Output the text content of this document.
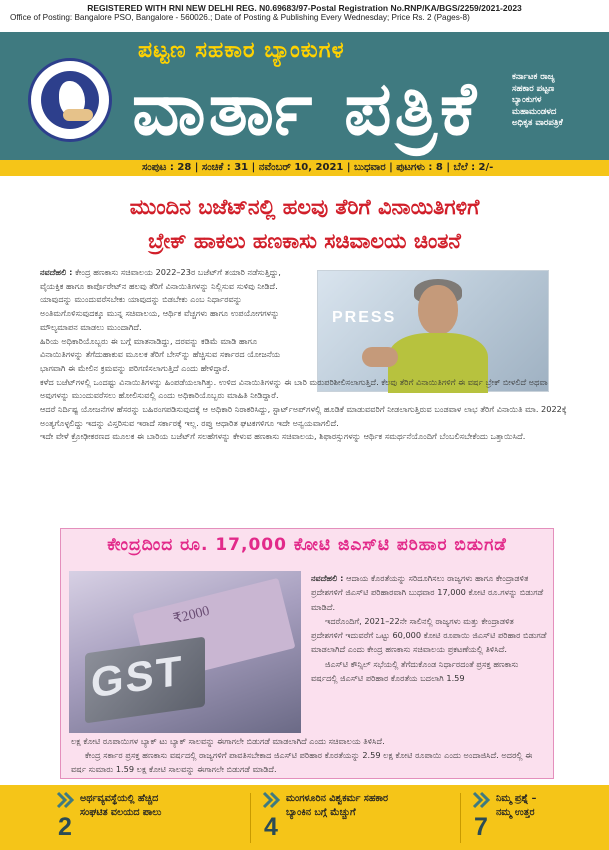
REGISTERED WITH RNI NEW DELHI REG. N0.69683/97-Postal Registration No.RNP/KA/BGS/2259/2021-2023
Office of Posting: Bangalore PSO, Bangalore - 560026.; Date of Posting & Publishing Every Wednesday; Price Rs. 2 (Pages-8)
ಪಟ್ಟಣ ಸಹಕಾರ ಬ್ಯಾಂಕುಗಳ
ವಾರ್ತಾ ಪತ್ರಿಕೆ	ಕರ್ನಾಟಕ ರಾಜ್ಯ
ಸಹಕಾರ ಪಟ್ಟಣ
ಬ್ಯಾಂಕುಗಳ
ಮಹಾಮಂಡಳದ
ಅಧಿಕೃತ ವಾರಪತ್ರಿಕೆ
ಸಂಪುಟ : 28 | ಸಂಚಿಕೆ : 31 | ನವೆಂಬರ್ 10, 2021 | ಬುಧವಾರ | ಪುಟಗಳು : 8 | ಬೆಲೆ : 2/-
ಮುಂದಿನ ಬಜೆಟ್‌ನಲ್ಲಿ ಹಲವು ತೆರಿಗೆ ವಿನಾಯಿತಿಗಳಿಗೆ
ಬ್ರೇಕ್ ಹಾಕಲು ಹಣಕಾಸು ಸಚಿವಾಲಯ ಚಿಂತನೆ
PRESS

ನವದೆಹಲಿ : ಕೇಂದ್ರ ಹಣಕಾಸು ಸಚಿವಾಲಯ 2022–23ರ ಬಜೆಟ್‌ಗೆ ತಯಾರಿ ನಡೆಸುತ್ತಿದ್ದು, ವೈಯಕ್ತಿಕ ಹಾಗೂ ಕಾರ್ಪೊರೇಟ್‌ನ ಹಲವು ತೆರಿಗೆ ವಿನಾಯಿತಿಗಳನ್ನು ನಿಲ್ಲಿಸುವ ಸುಳಿವು ನೀಡಿದೆ.

ಯಾವುದನ್ನು ಮುಂದುವರೆಸಬೇಕು ಯಾವುದನ್ನು ಬಿಡಬೇಕು ಎಂಬ ನಿರ್ಧಾರವನ್ನು ಅಂತಿಮಗೊಳಿಸುವುದಕ್ಕೂ ಮುನ್ನ ಸಚಿವಾಲಯ, ಆರ್ಥಿಕ ವೆಚ್ಚಗಳು ಹಾಗೂ ಉಪಯೋಗಗಳನ್ನು ಮೌಲ್ಯಮಾಪನ ಮಾಡಲು ಮುಂದಾಗಿದೆ.

ಹಿರಿಯ ಅಧಿಕಾರಿಯೊಬ್ಬರು ಈ ಬಗ್ಗೆ ಮಾತನಾಡಿದ್ದು, ದರವನ್ನು ಕಡಿಮೆ ಮಾಡಿ ಹಾಗೂ ವಿನಾಯಿತಿಗಳನ್ನು ತೆಗೆದುಹಾಕುವ ಮೂಲಕ ತೆರಿಗೆ ಬೇಸ್‌ನ್ನು ಹೆಚ್ಚಿಸುವ ಸರ್ಕಾರದ ಯೋಜನೆಯ ಭಾಗವಾಗಿ ಈ ಮೇಲಿನ ಕ್ರಮವನ್ನು ಪರಿಗಣಿಸಲಾಗುತ್ತಿದೆ ಎಂದು ಹೇಳಿದ್ದಾರೆ.

ಕಳೆದ ಬಜೆಟ್‌ಗಳಲ್ಲಿ ಒಂದಷ್ಟು ವಿನಾಯಿತಿಗಳನ್ನು ಹಿಂಪಡೆಯಲಾಗಿತ್ತು. ಉಳಿದ ವಿನಾಯಿತಿಗಳನ್ನು ಈ ಬಾರಿ ಮರುಪರಿಶೀಲಿಸಲಾಗುತ್ತಿದೆ. ಕೆಲವು ತೆರಿಗೆ ವಿನಾಯಿತಿಗಳಿಗೆ ಈ ವರ್ಷ ಬ್ರೇಕ್ ಬೀಳಲಿದೆ ಅಥವಾ ಅವುಗಳನ್ನು ಮುಂದುವರೆಸಲು ಹೋಲಿಸುವಲ್ಲಿ ಎಂದು ಅಧಿಕಾರಿಯೊಬ್ಬರು ಮಾಹಿತಿ ನೀಡಿದ್ದಾರೆ.

ಆದರೆ ನಿರ್ದಿಷ್ಟ ಯೋಜನೆಗಳ ಹೆಸರನ್ನು ಬಹಿರಂಗಪಡಿಸುವುದಕ್ಕೆ ಆ ಅಧಿಕಾರಿ ನಿರಾಕರಿಸಿದ್ದು, ಸ್ಟಾರ್ಟ್‌ಅಪ್‌ಗಳಲ್ಲಿ ಹೂಡಿಕೆ ಮಾಡುವವರಿಗೆ ನೀಡಲಾಗುತ್ತಿರುವ ಬಂಡವಾಳ ಲಾಭ ತೆರಿಗೆ ವಿನಾಯಿತಿ ಮಾ. 2022ಕ್ಕೆ ಅಂತ್ಯಗೊಳ್ಳಲಿದ್ದು ಇದನ್ನು ವಿಸ್ತರಿಸುವ ಇರಾದೆ ಸರ್ಕಾರಕ್ಕೆ ಇಲ್ಲ. ರಪ್ತು ಆಧಾರಿತ ಘಟಕಗಳಿಗೂ ಇದೇ ಅನ್ವಯವಾಗಲಿದೆ.

ಇದೇ ವೇಳೆ ಕ್ರೋಢೀಕರಣದ ಮೂಲಕ ಈ ಬಾರಿಯ ಬಜೆಟ್‌ಗೆ ಸಲಹೆಗಳನ್ನು ಕೇಳುವ ಹಣಕಾಸು ಸಚಿವಾಲಯ, ಶಿಫಾರಸ್ಸುಗಳನ್ನು ಆರ್ಥಿಕ ಸಮರ್ಥನೆಯೊಂದಿಗೆ ಬೆಂಬಲಿಸಬೇಕೆಂದು ಒತ್ತಾಯಿಸಿದೆ.

ಕೇಂದ್ರದಿಂದ ರೂ. 17,000 ಕೋಟಿ ಜಿಎಸ್‌ಟಿ ಪರಿಹಾರ ಬಿಡುಗಡೆ
₹2000
GST

ನವದೆಹಲಿ : ಆದಾಯ ಕೊರತೆಯನ್ನು ಸರಿದೂಗಿಸಲು ರಾಜ್ಯಗಳು ಹಾಗೂ ಕೇಂದ್ರಾಡಳಿತ ಪ್ರದೇಶಗಳಿಗೆ ಜಿಎಸ್‌ಟಿ ಪರಿಹಾರವಾಗಿ ಬುಧವಾರ 17,000 ಕೋಟಿ ರೂ.ಗಳನ್ನು ಬಿಡುಗಡೆ ಮಾಡಿದೆ.

ಇದರೊಂದಿಗೆ, 2021–22ನೇ ಸಾಲಿನಲ್ಲಿ ರಾಜ್ಯಗಳು ಮತ್ತು ಕೇಂದ್ರಾಡಳಿತ ಪ್ರದೇಶಗಳಿಗೆ ಇದುವರೆಗೆ ಒಟ್ಟು 60,000 ಕೋಟಿ ರೂಪಾಯಿ ಜಿಎಸ್‌ಟಿ ಪರಿಹಾರ ಬಿಡುಗಡೆ ಮಾಡಲಾಗಿದೆ ಎಂದು ಕೇಂದ್ರ ಹಣಕಾಸು ಸಚಿವಾಲಯ ಪ್ರಕಟಣೆಯಲ್ಲಿ ತಿಳಿಸಿದೆ.

ಜಿಎಸ್‌ಟಿ ಕೌನ್ಸಿಲ್ ಸಭೆಯಲ್ಲಿ ತೆಗೆದುಕೊಂಡ ನಿರ್ಧಾರದಂತೆ ಪ್ರಸಕ್ತ ಹಣಕಾಸು ವರ್ಷದಲ್ಲಿ ಜಿಎಸ್‌ಟಿ ಪರಿಹಾರ ಕೊರತೆಯ ಬದಲಾಗಿ 1.59

ಲಕ್ಷ ಕೋಟಿ ರೂಪಾಯಿಗಳ ಬ್ಯಾಕ್ ಟು ಬ್ಯಾಕ್ ಸಾಲವನ್ನು ಈಗಾಗಲೇ ಬಿಡುಗಡೆ ಮಾಡಲಾಗಿದೆ ಎಂದು ಸಚಿವಾಲಯ ತಿಳಿಸಿದೆ.

ಕೇಂದ್ರ ಸರ್ಕಾರ ಪ್ರಸಕ್ತ ಹಣಕಾಸು ವರ್ಷದಲ್ಲಿ ರಾಜ್ಯಗಳಿಗೆ ಪಾವತಿಸಬೇಕಾದ ಜಿಎಸ್‌ಟಿ ಪರಿಹಾರ ಕೊರತೆಯನ್ನು 2.59 ಲಕ್ಷ ಕೋಟಿ ರೂಪಾಯಿ ಎಂದು ಅಂದಾಜಿಸಿದೆ. ಅದರಲ್ಲಿ ಈ ವರ್ಷ ಸುಮಾರು 1.59 ಲಕ್ಷ ಕೋಟಿ ಸಾಲವನ್ನು ಈಗಾಗಲೇ ಬಿಡುಗಡೆ ಮಾಡಿದೆ.

ಅರ್ಥವ್ಯವಸ್ಥೆಯಲ್ಲಿ ಹೆಚ್ಚಿದ
ಸಂಘಟಿತ ವಲಯದ ಪಾಲು
2
ಮಂಗಳೂರಿನ ವಿಶ್ವಕರ್ಮ ಸಹಕಾರ
ಬ್ಯಾಂಕಿನ ಬಗ್ಗೆ ಮೆಚ್ಚುಗೆ
4
ನಿಮ್ಮ ಪ್ರಶ್ನೆ –
ನಮ್ಮ ಉತ್ತರ
7
